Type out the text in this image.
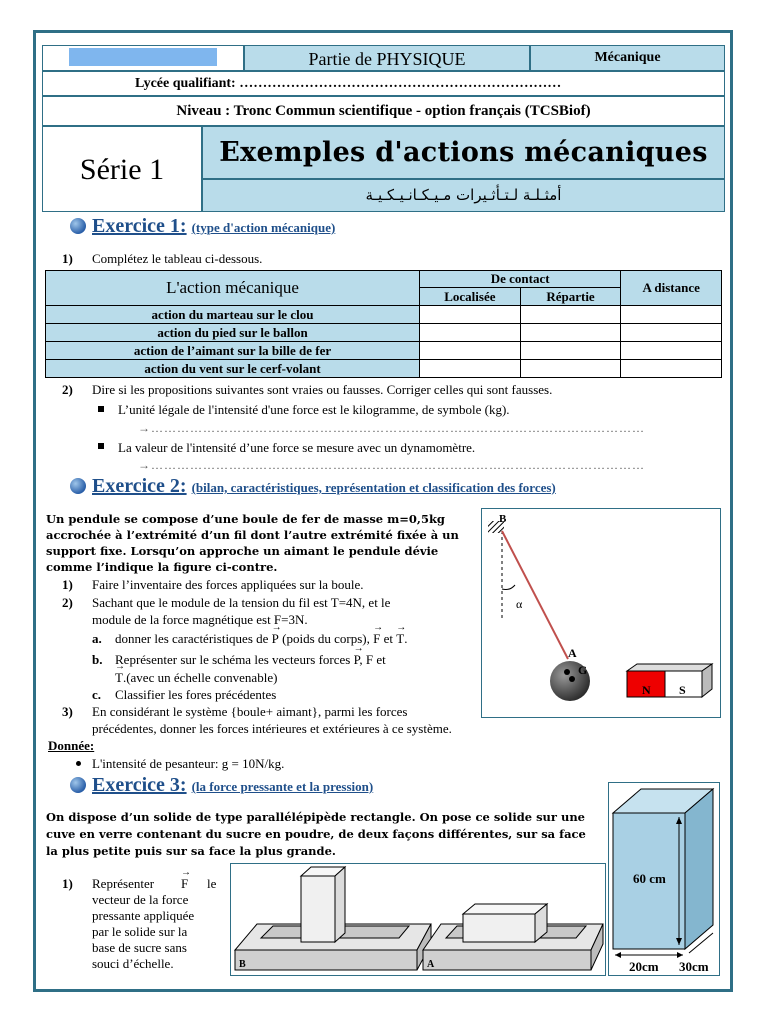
Partie de PHYSIQUE	Mécanique
Lycée qualifiant: ……………………………………………………………
Niveau : Tronc Commun scientifique - option français (TCSBiof)
Série 1
Exemples d'actions mécaniques
أمثـلـة لـتـأثـيرات مـيـكـانـيـكـيـة
Exercice 1: (type d'action mécanique)
1) Complétez le tableau ci-dessous.
L'action mécanique	De contact		A distance
	Localisée	Répartie	
action du marteau sur le clou			
action du pied sur le ballon			
action de l’aimant sur la bille de fer			
action du vent sur le cerf-volant			
2) Dire si les propositions suivantes sont vraies ou fausses. Corriger celles qui sont fausses.
L’unité légale de l'intensité d'une force est le kilogramme, de symbole (kg).
→……………………………………………………………………………………………………
La valeur de l'intensité d’une force se mesure avec un dynamomètre.
→……………………………………………………………………………………………………
Exercice 2: (bilan, caractéristiques, représentation et classification des forces)
Un pendule se compose d’une boule de fer de masse m=0,5kg
accrochée à l’extrémité d’un fil dont l’autre extrémité fixée à un
support fixe. Lorsqu’on approche un aimant le pendule dévie
comme l’indique la figure ci-contre.
1) Faire l’inventaire des forces appliquées sur la boule.
2) Sachant que le module de la tension du fil est T=4N, et le
module de la force magnétique est F=3N.
a. donner les caractéristiques de → P (poids du corps), → F et → T.
b. Représenter sur le schéma les vecteurs forces → P, F et
→ T.(avec un échelle convenable)
c. Classifier les fores précédentes
3) En considérant le système {boule+ aimant}, parmi les forces
précédentes, donner les forces intérieures et extérieures à ce système.
Donnée:
L'intensité de pesanteur: g = 10N/kg.
B
α
A
G
N S
Exercice 3: (la force pressante et la pression)
On dispose d’un solide de type parallélépipède rectangle. On pose ce solide sur une
cuve en verre contenant du sucre en poudre, de deux façons différentes, sur sa face
la plus petite puis sur sa face la plus grande.
1) Représenter → F le
vecteur de la force
pressante appliquée
par le solide sur la
base de sucre sans
souci d’échelle.	B	A
60 cm
20cm 30cm
